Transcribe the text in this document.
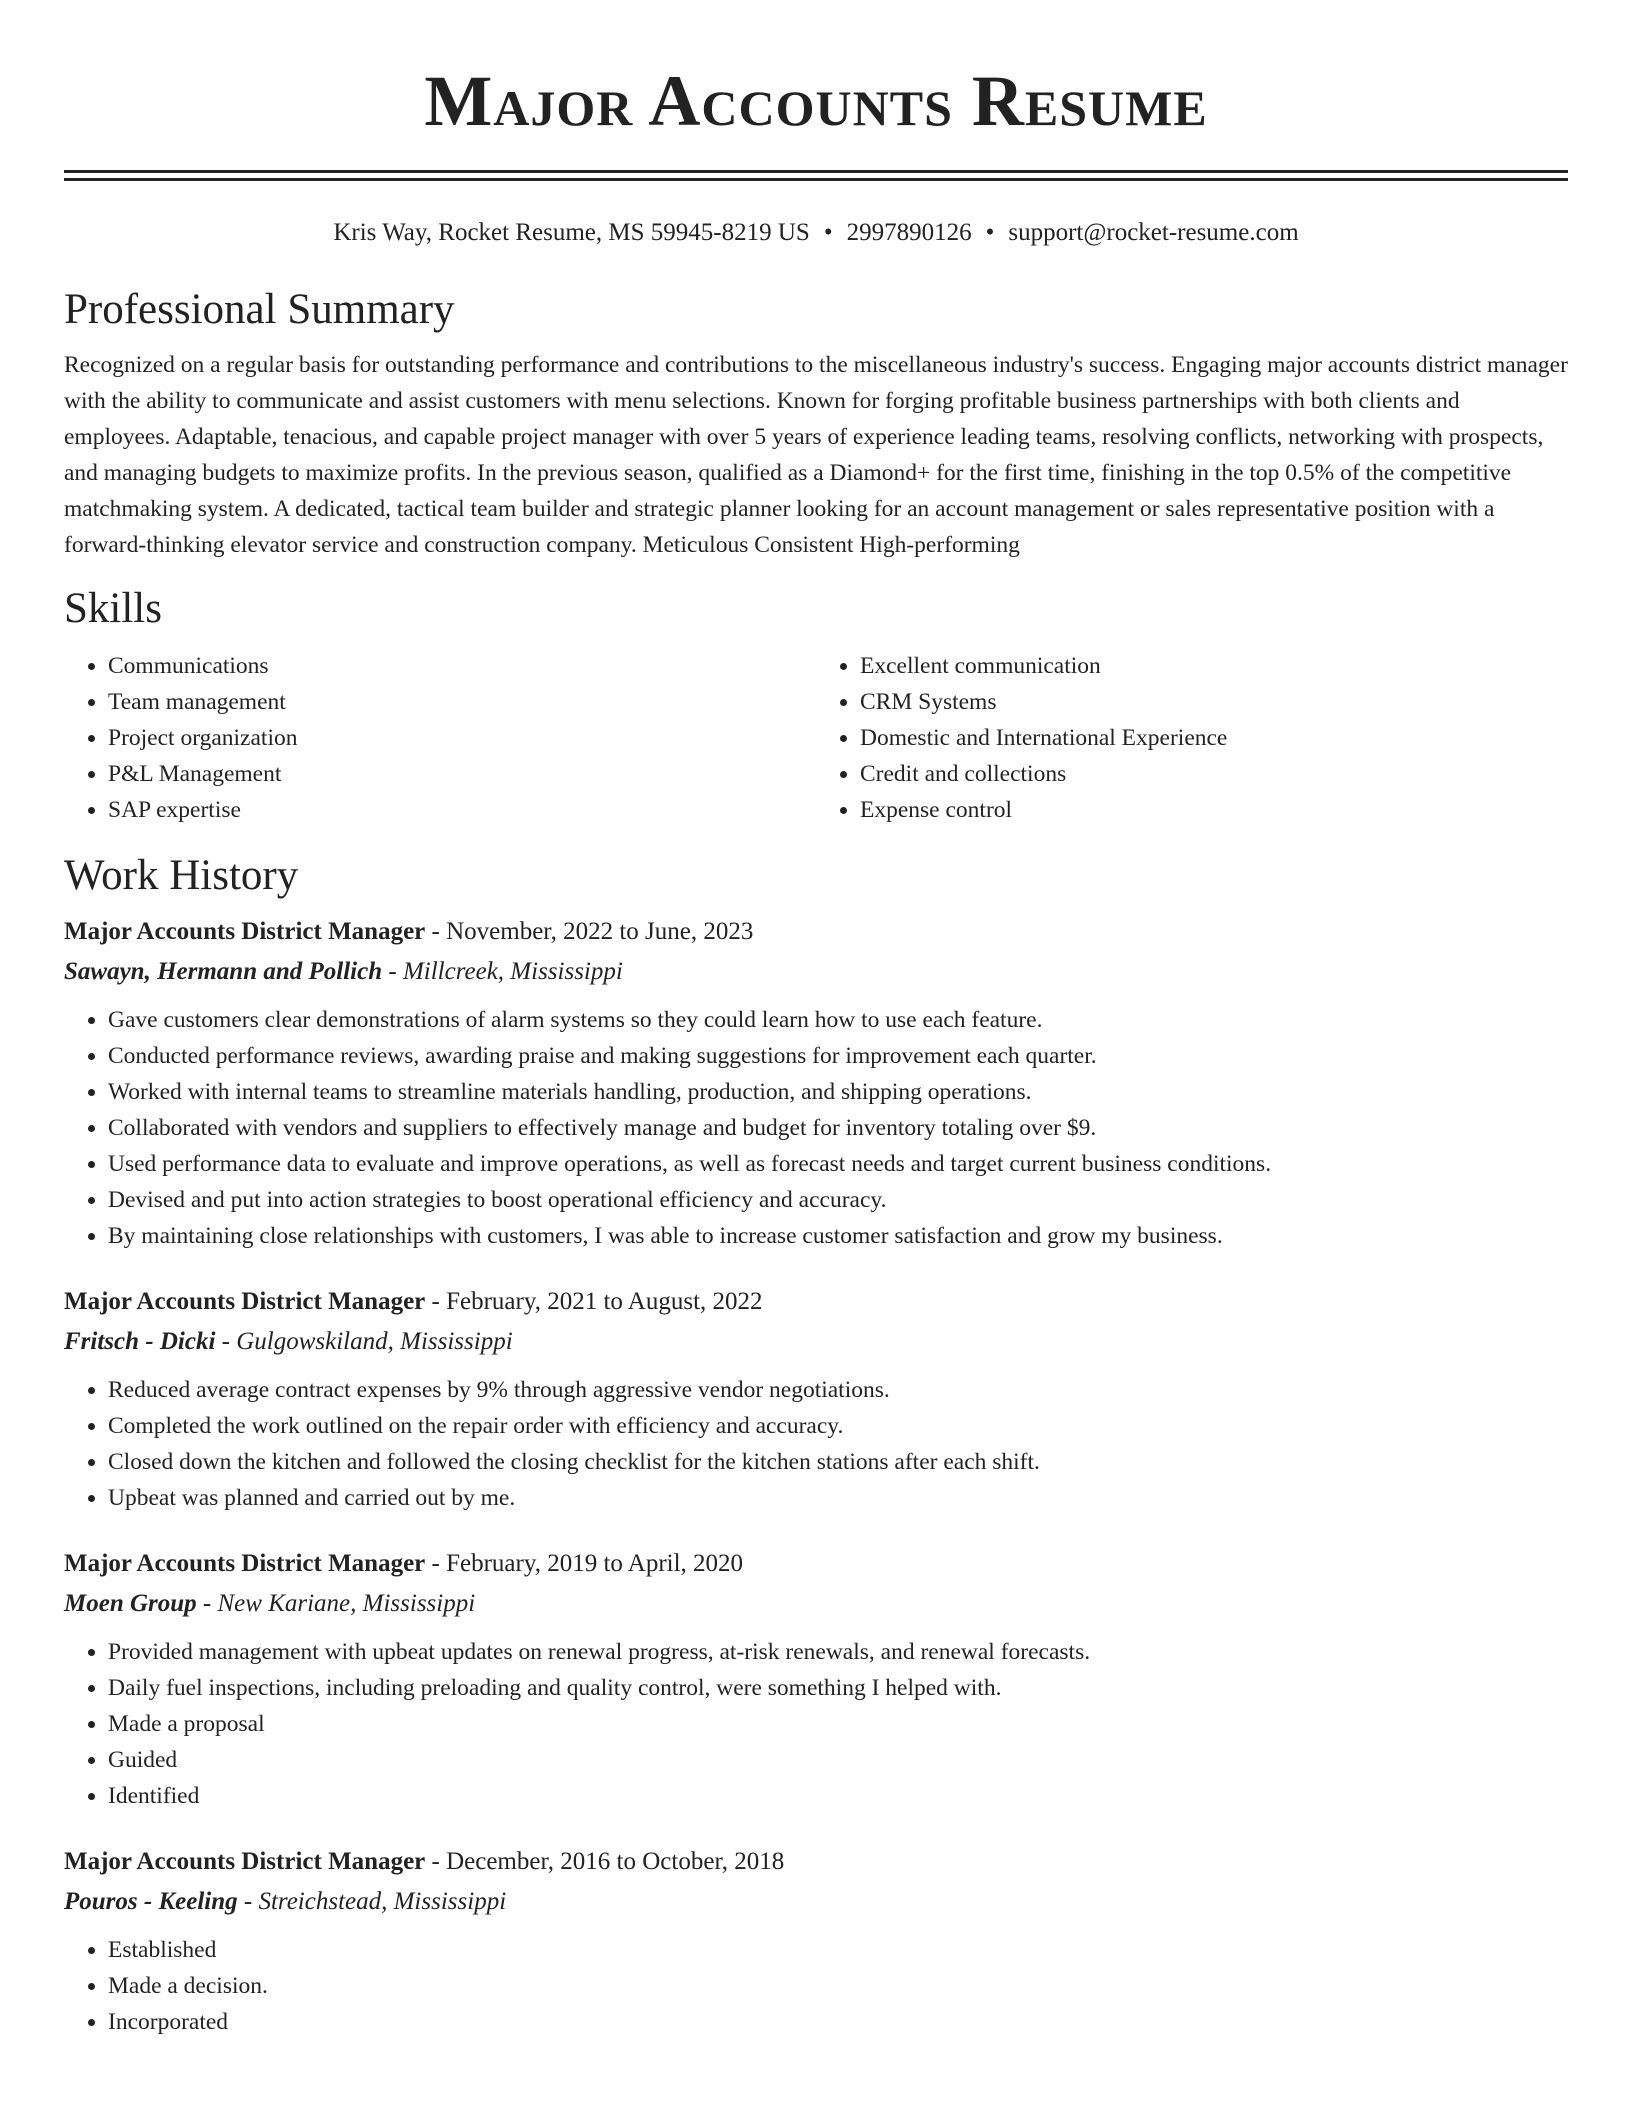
Major Accounts Resume
Kris Way, Rocket Resume, MS 59945-8219 US • 2997890126 • support@rocket-resume.com
Professional Summary

Recognized on a regular basis for outstanding performance and contributions to the miscellaneous industry's success. Engaging major accounts district manager with the ability to communicate and assist customers with menu selections. Known for forging profitable business partnerships with both clients and employees. Adaptable, tenacious, and capable project manager with over 5 years of experience leading teams, resolving conflicts, networking with prospects, and managing budgets to maximize profits. In the previous season, qualified as a Diamond+ for the first time, finishing in the top 0.5% of the competitive matchmaking system. A dedicated, tactical team builder and strategic planner looking for an account management or sales representative position with a forward-thinking elevator service and construction company. Meticulous Consistent High-performing

Skills
• Communications
• Team management
• Project organization
• P&L Management
• SAP expertise
• Excellent communication
• CRM Systems
• Domestic and International Experience
• Credit and collections
• Expense control
Work History
Major Accounts District Manager - November, 2022 to June, 2023
Sawayn, Hermann and Pollich - Millcreek, Mississippi
• Gave customers clear demonstrations of alarm systems so they could learn how to use each feature.
• Conducted performance reviews, awarding praise and making suggestions for improvement each quarter.
• Worked with internal teams to streamline materials handling, production, and shipping operations.
• Collaborated with vendors and suppliers to effectively manage and budget for inventory totaling over $9.
• Used performance data to evaluate and improve operations, as well as forecast needs and target current business conditions.
• Devised and put into action strategies to boost operational efficiency and accuracy.
• By maintaining close relationships with customers, I was able to increase customer satisfaction and grow my business.
Major Accounts District Manager - February, 2021 to August, 2022
Fritsch - Dicki - Gulgowskiland, Mississippi
• Reduced average contract expenses by 9% through aggressive vendor negotiations.
• Completed the work outlined on the repair order with efficiency and accuracy.
• Closed down the kitchen and followed the closing checklist for the kitchen stations after each shift.
• Upbeat was planned and carried out by me.
Major Accounts District Manager - February, 2019 to April, 2020
Moen Group - New Kariane, Mississippi
• Provided management with upbeat updates on renewal progress, at-risk renewals, and renewal forecasts.
• Daily fuel inspections, including preloading and quality control, were something I helped with.
• Made a proposal
• Guided
• Identified
Major Accounts District Manager - December, 2016 to October, 2018
Pouros - Keeling - Streichstead, Mississippi
• Established
• Made a decision.
• Incorporated
